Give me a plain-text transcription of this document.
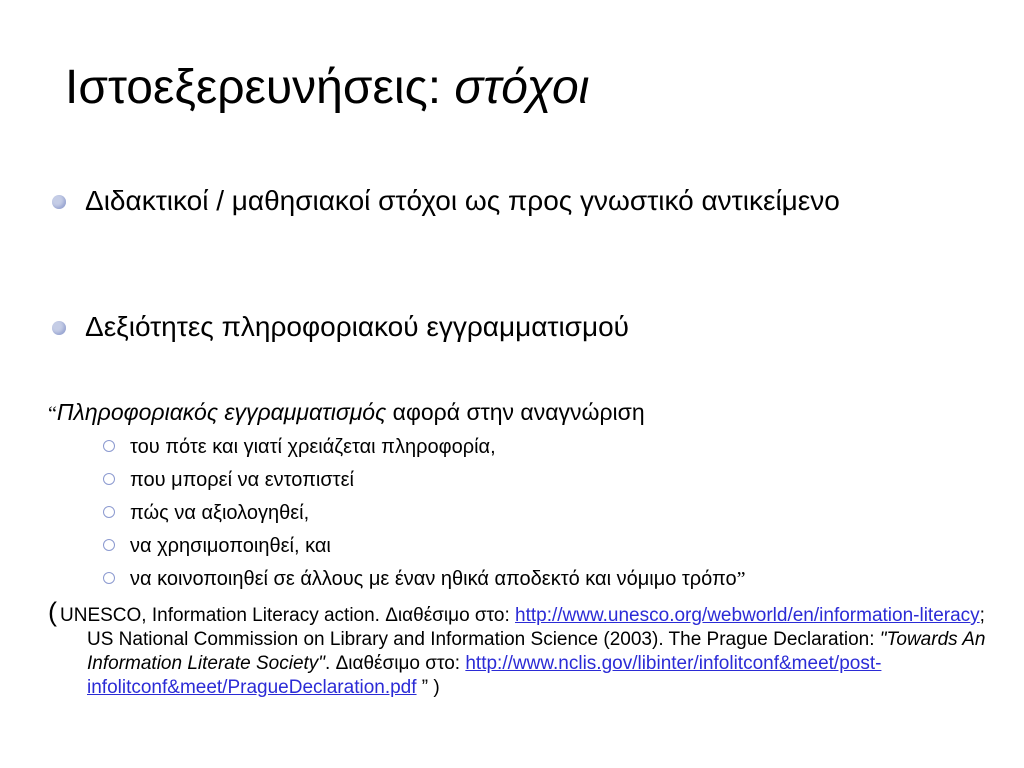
Ιστοεξερευνήσεις: στόχοι
Διδακτικοί / μαθησιακοί στόχοι ως προς γνωστικό αντικείμενο
Δεξιότητες πληροφοριακού εγγραμματισμού
“Πληροφοριακός εγγραμματισμός αφορά στην αναγνώριση
του πότε και γιατί χρειάζεται πληροφορία,
που μπορεί να εντοπιστεί
πώς να αξιολογηθεί,
να χρησιμοποιηθεί, και
να κοινοποιηθεί σε άλλους με έναν ηθικά αποδεκτό και νόμιμο τρόπο”
( UNESCO, Information Literacy action. Διαθέσιμο στο: http://www.unesco.org/webworld/en/information-literacy; US National Commission on Library and Information Science (2003). The Prague Declaration: "Towards An Information Literate Society". Διαθέσιμο στο: http://www.nclis.gov/libinter/infolitconf&meet/post-infolitconf&meet/PragueDeclaration.pdf ” )
